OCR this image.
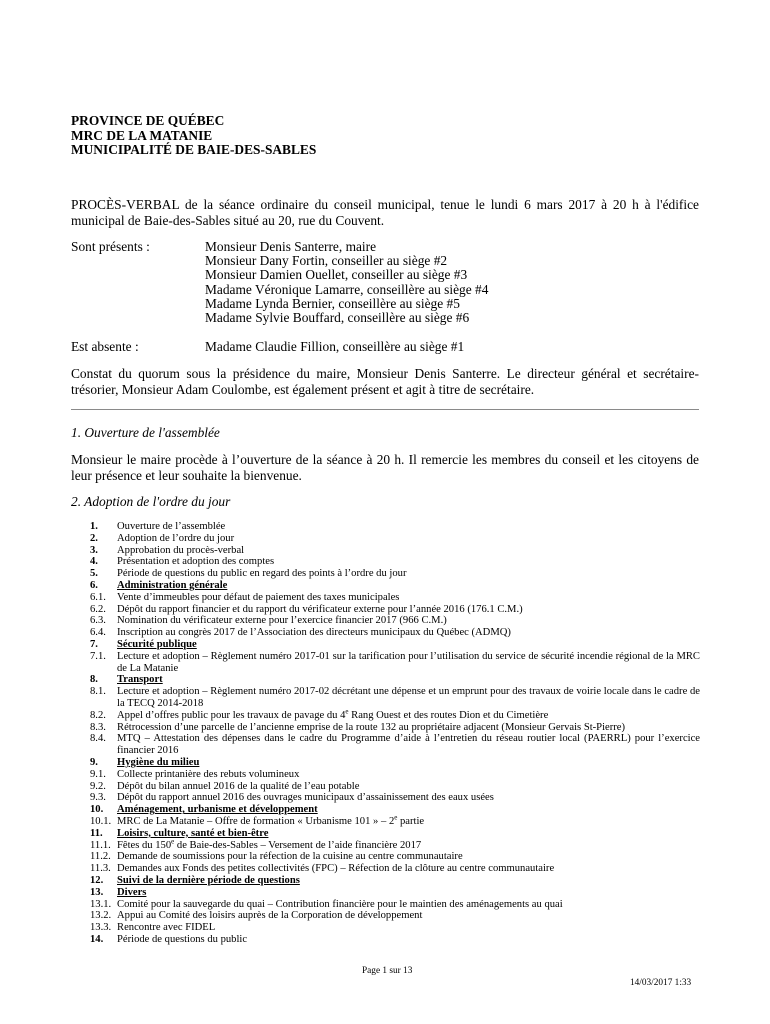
PROVINCE DE QUÉBEC
MRC DE LA MATANIE
MUNICIPALITÉ DE BAIE-DES-SABLES
PROCÈS-VERBAL de la séance ordinaire du conseil municipal, tenue le lundi 6 mars 2017 à 20 h à l'édifice municipal de Baie-des-Sables situé au 20, rue du Couvent.
Sont présents :	Monsieur Denis Santerre, maire
Monsieur Dany Fortin, conseiller au siège #2
Monsieur Damien Ouellet, conseiller au siège #3
Madame Véronique Lamarre, conseillère au siège #4
Madame Lynda Bernier, conseillère au siège #5
Madame Sylvie Bouffard, conseillère au siège #6
Est absente :	Madame Claudie Fillion, conseillère au siège #1
Constat du quorum sous la présidence du maire, Monsieur Denis Santerre. Le directeur général et secrétaire-trésorier, Monsieur Adam Coulombe, est également présent et agit à titre de secrétaire.
1. Ouverture de l'assemblée
Monsieur le maire procède à l’ouverture de la séance à 20 h. Il remercie les membres du conseil et les citoyens de leur présence et leur souhaite la bienvenue.
2. Adoption de l'ordre du jour
1. Ouverture de l’assemblée
2. Adoption de l’ordre du jour
3. Approbation du procès-verbal
4. Présentation et adoption des comptes
5. Période de questions du public en regard des points à l’ordre du jour
6. Administration générale
6.1. Vente d’immeubles pour défaut de paiement des taxes municipales
6.2. Dépôt du rapport financier et du rapport du vérificateur externe pour l’année 2016 (176.1 C.M.)
6.3. Nomination du vérificateur externe pour l’exercice financier 2017 (966 C.M.)
6.4. Inscription au congrès 2017 de l’Association des directeurs municipaux du Québec (ADMQ)
7. Sécurité publique
7.1. Lecture et adoption – Règlement numéro 2017-01 sur la tarification pour l’utilisation du service de sécurité incendie régional de la MRC de La Matanie
8. Transport
8.1. Lecture et adoption – Règlement numéro 2017-02 décrétant une dépense et un emprunt pour des travaux de voirie locale dans le cadre de la TECQ 2014-2018
8.2. Appel d’offres public pour les travaux de pavage du 4e Rang Ouest et des routes Dion et du Cimetière
8.3. Rétrocession d’une parcelle de l’ancienne emprise de la route 132 au propriétaire adjacent (Monsieur Gervais St-Pierre)
8.4. MTQ – Attestation des dépenses dans le cadre du Programme d’aide à l’entretien du réseau routier local (PAERRL) pour l’exercice financier 2016
9. Hygiène du milieu
9.1. Collecte printanière des rebuts volumineux
9.2. Dépôt du bilan annuel 2016 de la qualité de l’eau potable
9.3. Dépôt du rapport annuel 2016 des ouvrages municipaux d’assainissement des eaux usées
10. Aménagement, urbanisme et développement
10.1. MRC de La Matanie – Offre de formation « Urbanisme 101 » – 2e partie
11. Loisirs, culture, santé et bien-être
11.1. Fêtes du 150e de Baie-des-Sables – Versement de l’aide financière 2017
11.2. Demande de soumissions pour la réfection de la cuisine au centre communautaire
11.3. Demandes aux Fonds des petites collectivités (FPC) – Réfection de la clôture au centre communautaire
12. Suivi de la dernière période de questions
13. Divers
13.1. Comité pour la sauvegarde du quai – Contribution financière pour le maintien des aménagements au quai
13.2. Appui au Comité des loisirs auprès de la Corporation de développement
13.3. Rencontre avec FIDEL
14. Période de questions du public
Page 1 sur 13
14/03/2017 1:33
